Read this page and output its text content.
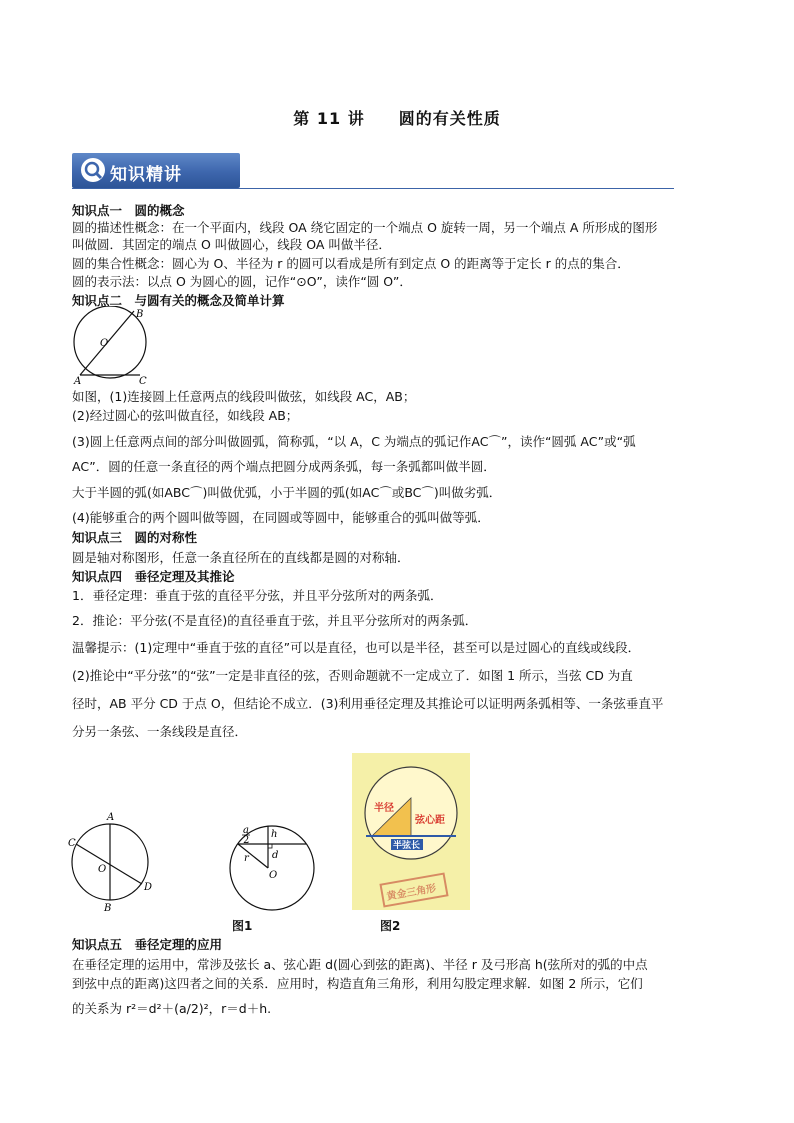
第 11 讲　　圆的有关性质
知识精讲
知识点一　圆的概念
圆的描述性概念：在一个平面内，线段 OA 绕它固定的一个端点 O 旋转一周，另一个端点 A 所形成的图形
叫做圆．其固定的端点 O 叫做圆心，线段 OA 叫做半径．
圆的集合性概念：圆心为 O、半径为 r 的圆可以看成是所有到定点 O 的距离等于定长 r 的点的集合．
圆的表示法：以点 O 为圆心的圆，记作“⊙O”，读作“圆 O”．
知识点二　与圆有关的概念及简单计算
B
O
A	C
如图，(1)连接圆上任意两点的线段叫做弦，如线段 AC，AB；
(2)经过圆心的弦叫做直径，如线段 AB；
(3)圆上任意两点间的部分叫做圆弧，简称弧，“以 A，C 为端点的弧记作AC⌒”，读作“圆弧 AC”或“弧
AC”．圆的任意一条直径的两个端点把圆分成两条弧，每一条弧都叫做半圆．
大于半圆的弧(如ABC⌒)叫做优弧，小于半圆的弧(如AC⌒或BC⌒)叫做劣弧．
(4)能够重合的两个圆叫做等圆，在同圆或等圆中，能够重合的弧叫做等弧．
知识点三　圆的对称性
圆是轴对称图形，任意一条直径所在的直线都是圆的对称轴．
知识点四　垂径定理及其推论
1．垂径定理：垂直于弦的直径平分弦，并且平分弦所对的两条弧．
2．推论：平分弦(不是直径)的直径垂直于弦，并且平分弦所对的两条弧．
温馨提示：(1)定理中“垂直于弦的直径”可以是直径，也可以是半径，甚至可以是过圆心的直线或线段．
(2)推论中“平分弦”的“弦”一定是非直径的弦，否则命题就不一定成立了．如图 1 所示，当弦 CD 为直
径时，AB 平分 CD 于点 O，但结论不成立．(3)利用垂径定理及其推论可以证明两条弧相等、一条弦垂直平
分另一条弦、一条线段是直径．
A
C
O
D
B
a
2
h
r d
O
半径
弦心距
半弦长
黄金三角形
图1	图2
知识点五　垂径定理的应用
在垂径定理的运用中，常涉及弦长 a、弦心距 d(圆心到弦的距离)、半径 r 及弓形高 h(弦所对的弧的中点
到弦中点的距离)这四者之间的关系．应用时，构造直角三角形，利用勾股定理求解．如图 2 所示，它们
的关系为 r²＝d²＋(a/2)²，r＝d＋h.
